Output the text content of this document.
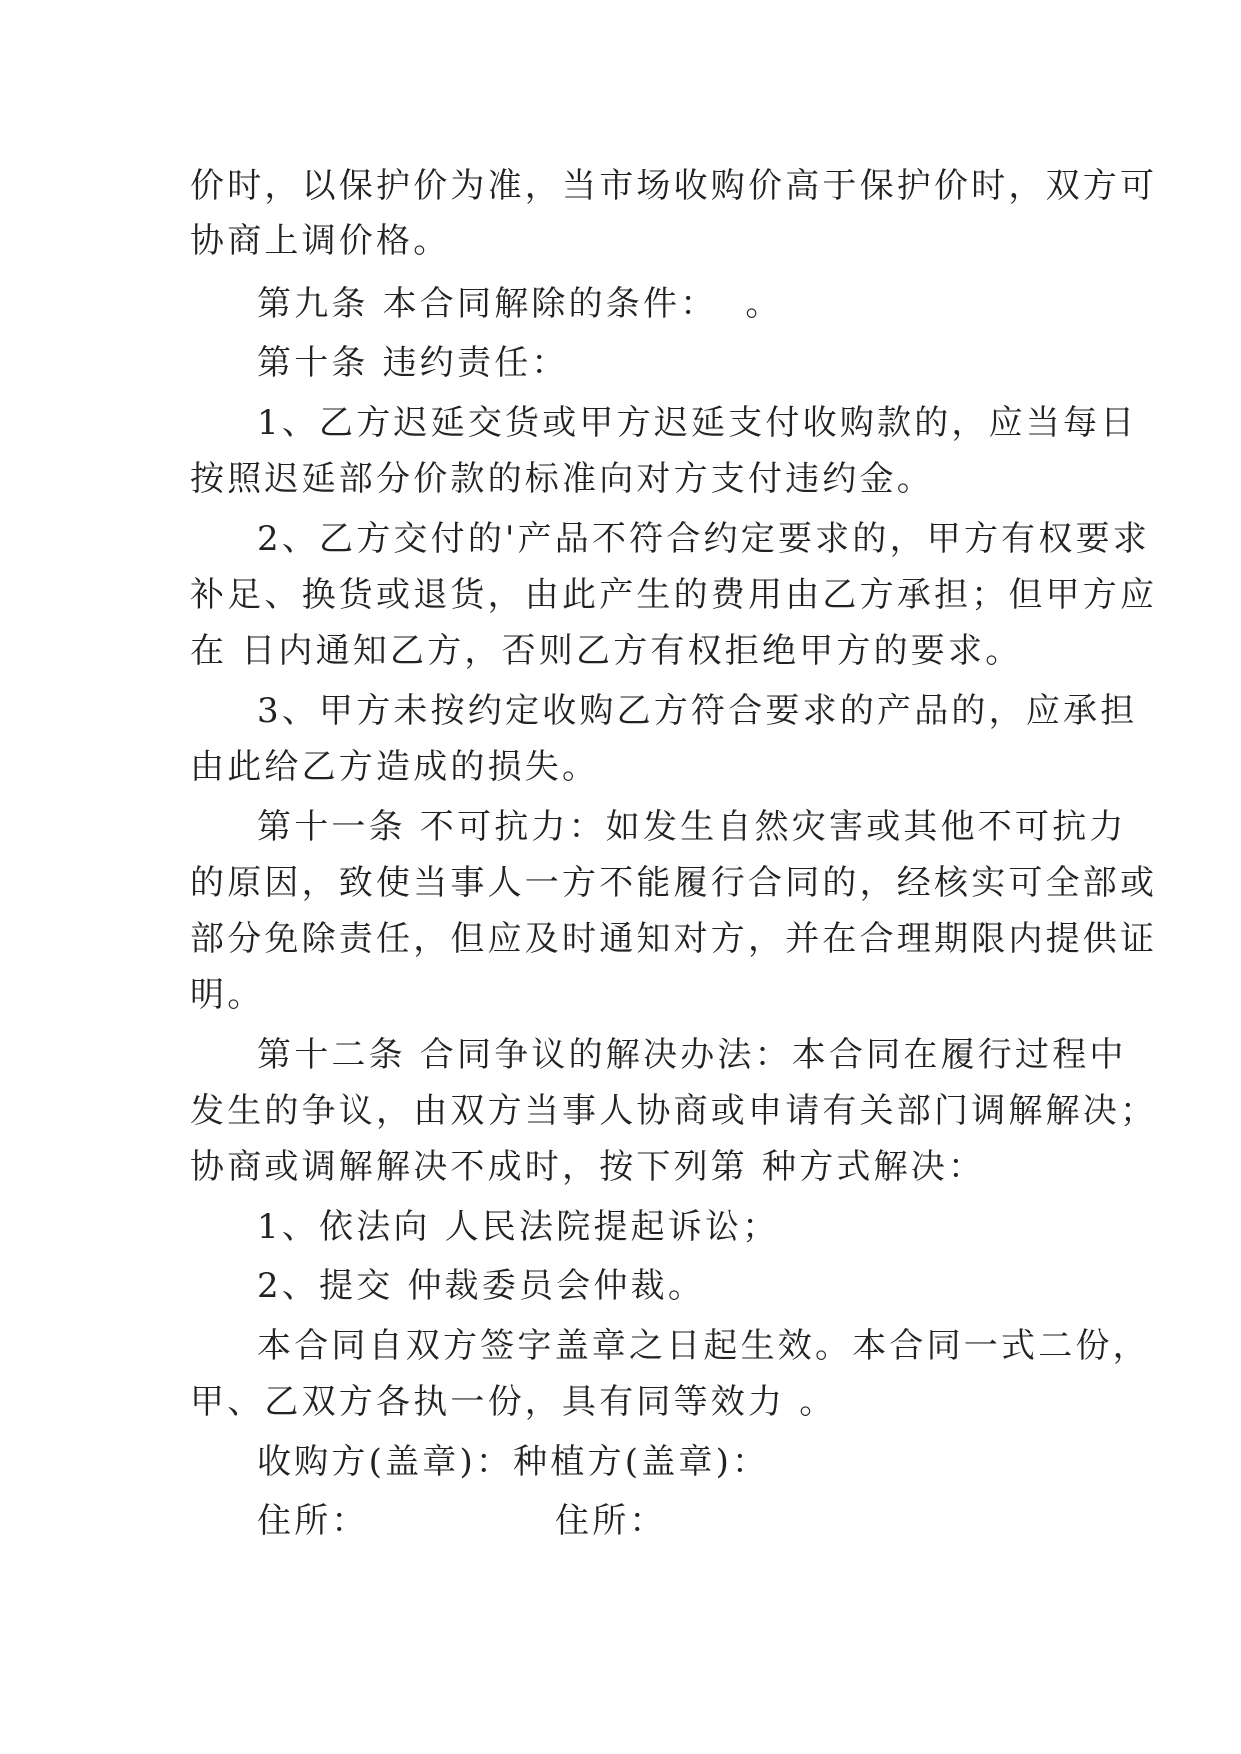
价时，以保护价为准，当市场收购价高于保护价时，双方可
协商上调价格。
第九条 本合同解除的条件：  。
第十条 违约责任：
1、乙方迟延交货或甲方迟延支付收购款的，应当每日
按照迟延部分价款的标准向对方支付违约金。
2、乙方交付的'产品不符合约定要求的，甲方有权要求
补足、换货或退货，由此产生的费用由乙方承担；但甲方应
在 日内通知乙方，否则乙方有权拒绝甲方的要求。
3、甲方未按约定收购乙方符合要求的产品的，应承担
由此给乙方造成的损失。
第十一条 不可抗力：如发生自然灾害或其他不可抗力
的原因，致使当事人一方不能履行合同的，经核实可全部或
部分免除责任，但应及时通知对方，并在合理期限内提供证
明。
第十二条 合同争议的解决办法：本合同在履行过程中
发生的争议，由双方当事人协商或申请有关部门调解解决；
协商或调解解决不成时，按下列第 种方式解决：
1、依法向 人民法院提起诉讼；
2、提交 仲裁委员会仲裁。
本合同自双方签字盖章之日起生效。本合同一式二份，
甲、乙双方各执一份，具有同等效力 。
收购方(盖章)：种植方(盖章)：
住所：	住所：
